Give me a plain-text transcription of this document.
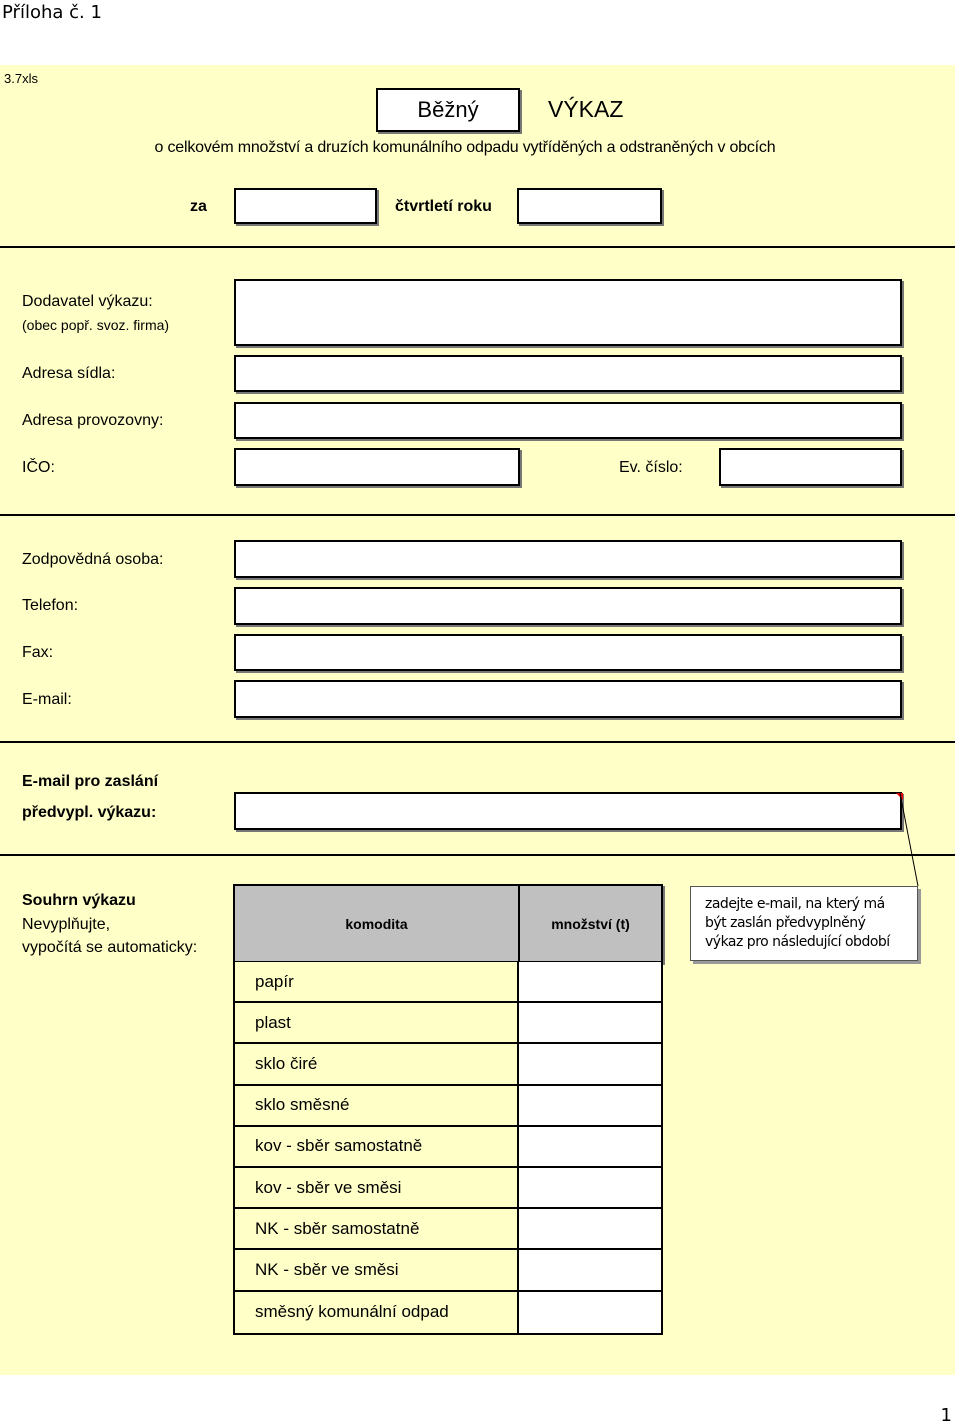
Příloha č. 1
1
3.7xls
Běžný	VÝKAZ
o celkovém množství a druzích komunálního odpadu vytříděných a odstraněných v obcích
za	čtvrtletí roku
Dodavatel výkazu:
(obec popř. svoz. firma)
Adresa sídla:
Adresa provozovny:
IČO:	Ev. číslo:
Zodpovědná osoba:
Telefon:
Fax:
E-mail:
E-mail pro zaslání
předvypl. výkazu:
Souhrn výkazu
Nevyplňujte,
vypočítá se automaticky:
komodita	množství (t)
papír
plast
sklo čiré
sklo směsné
kov - sběr samostatně
kov - sběr ve směsi
NK - sběr samostatně
NK - sběr ve směsi
směsný komunální odpad
zadejte e-mail, na který má
být zaslán předvyplněný
výkaz pro následující období
